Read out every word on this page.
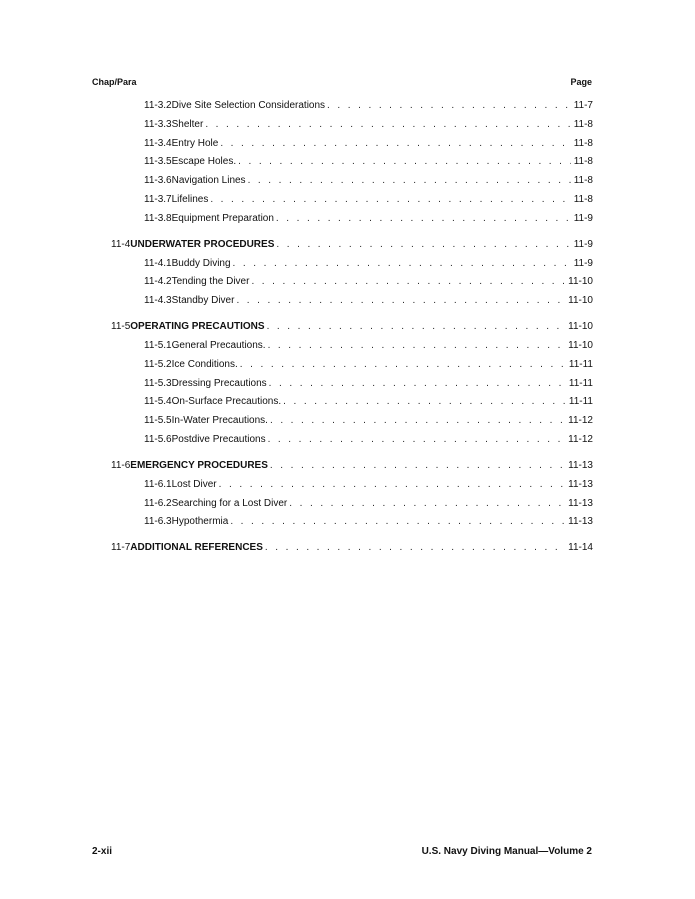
Chap/Para	Page
11-3.2 Dive Site Selection Considerations . . .	11-7
11-3.3 Shelter . . .	11-8
11-3.4 Entry Hole . . .	11-8
11-3.5 Escape Holes. . . .	11-8
11-3.6 Navigation Lines . . .	11-8
11-3.7 Lifelines . . .	11-8
11-3.8 Equipment Preparation . . .	11-9
11-4 UNDERWATER PROCEDURES . . .	11-9
11-4.1 Buddy Diving . . .	11-9
11-4.2 Tending the Diver . . .	11-10
11-4.3 Standby Diver . . .	11-10
11-5 OPERATING PRECAUTIONS . . .	11-10
11-5.1 General Precautions. . . .	11-10
11-5.2 Ice Conditions. . . .	11-11
11-5.3 Dressing Precautions . . .	11-11
11-5.4 On-Surface Precautions. . . .	11-11
11-5.5 In-Water Precautions. . . .	11-12
11-5.6 Postdive Precautions . . .	11-12
11-6 EMERGENCY PROCEDURES . . .	11-13
11-6.1 Lost Diver . . .	11-13
11-6.2 Searching for a Lost Diver . . .	11-13
11-6.3 Hypothermia . . .	11-13
11-7 ADDITIONAL REFERENCES . . .	11-14
2-xii	U.S. Navy Diving Manual—Volume 2
